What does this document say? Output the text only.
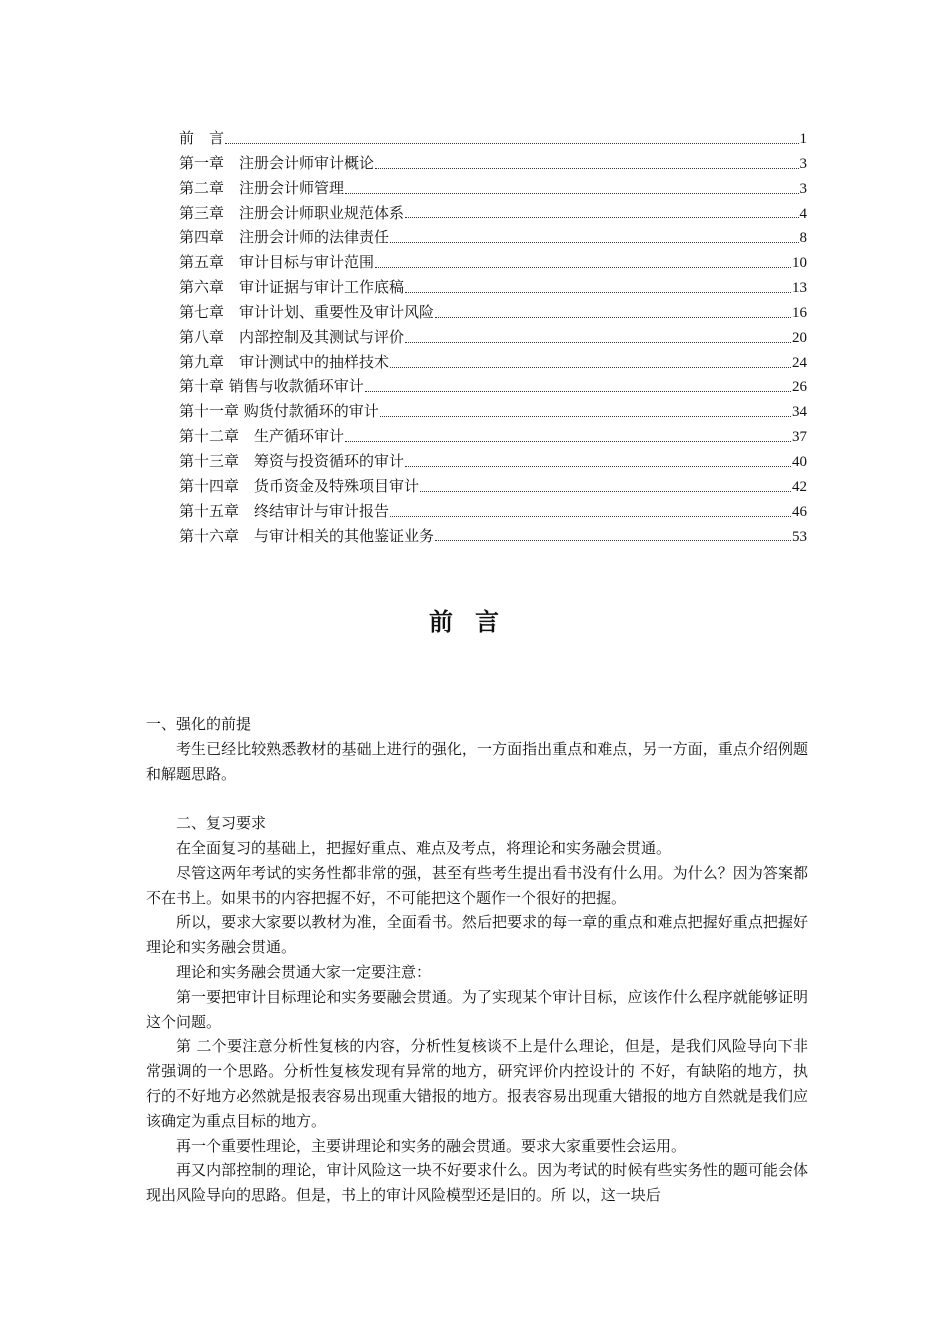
前　言	1
第一章　注册会计师审计概论	3
第二章　注册会计师管理	3
第三章　注册会计师职业规范体系	4
第四章　注册会计师的法律责任	8
第五章　审计目标与审计范围	10
第六章　审计证据与审计工作底稿	13
第七章　审计计划、重要性及审计风险	16
第八章　内部控制及其测试与评价	20
第九章　审计测试中的抽样技术	24
第十章 销售与收款循环审计	26
第十一章 购货付款循环的审计	34
第十二章　生产循环审计	37
第十三章　筹资与投资循环的审计	40
第十四章　货币资金及特殊项目审计	42
第十五章　终结审计与审计报告	46
第十六章　与审计相关的其他鉴证业务	53
前言

一、强化的前提

考生已经比较熟悉教材的基础上进行的强化，一方面指出重点和难点，另一方面，重点介绍例题和解题思路。

二、复习要求

在全面复习的基础上，把握好重点、难点及考点，将理论和实务融会贯通。

尽管这两年考试的实务性都非常的强，甚至有些考生提出看书没有什么用。为什么？因为答案都不在书上。如果书的内容把握不好，不可能把这个题作一个很好的把握。

所以，要求大家要以教材为准，全面看书。然后把要求的每一章的重点和难点把握好重点把握好理论和实务融会贯通。

理论和实务融会贯通大家一定要注意：

第一要把审计目标理论和实务要融会贯通。为了实现某个审计目标，应该作什么程序就能够证明这个问题。

第 二个要注意分析性复核的内容，分析性复核谈不上是什么理论，但是，是我们风险导向下非常强调的一个思路。分析性复核发现有异常的地方，研究评价内控设计的 不好，有缺陷的地方，执行的不好地方必然就是报表容易出现重大错报的地方。报表容易出现重大错报的地方自然就是我们应该确定为重点目标的地方。

再一个重要性理论，主要讲理论和实务的融会贯通。要求大家重要性会运用。

再又内部控制的理论，审计风险这一块不好要求什么。因为考试的时候有些实务性的题可能会体现出风险导向的思路。但是，书上的审计风险模型还是旧的。所 以，这一块后
